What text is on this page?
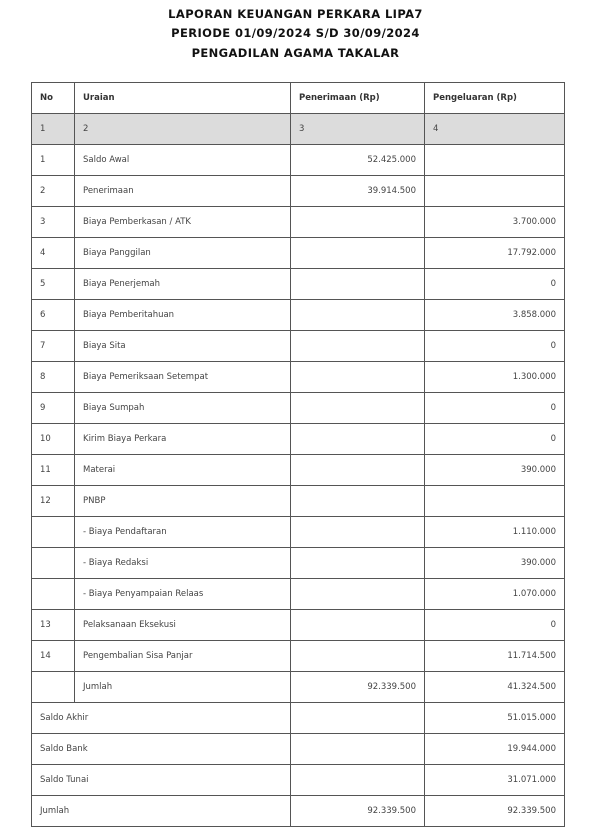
LAPORAN KEUANGAN PERKARA LIPA7
PERIODE 01/09/2024 S/D 30/09/2024
PENGADILAN AGAMA TAKALAR
No	Uraian	Penerimaan (Rp)	Pengeluaran (Rp)
1	2	3	4
1	Saldo Awal	52.425.000	
2	Penerimaan	39.914.500	
3	Biaya Pemberkasan / ATK		3.700.000
4	Biaya Panggilan		17.792.000
5	Biaya Penerjemah		0
6	Biaya Pemberitahuan		3.858.000
7	Biaya Sita		0
8	Biaya Pemeriksaan Setempat		1.300.000
9	Biaya Sumpah		0
10	Kirim Biaya Perkara		0
11	Materai		390.000
12	PNBP		
	- Biaya Pendaftaran		1.110.000
	- Biaya Redaksi		390.000
	- Biaya Penyampaian Relaas		1.070.000
13	Pelaksanaan Eksekusi		0
14	Pengembalian Sisa Panjar		11.714.500
	Jumlah	92.339.500	41.324.500
Saldo Akhir			51.015.000
Saldo Bank			19.944.000
Saldo Tunai			31.071.000
Jumlah		92.339.500	92.339.500
